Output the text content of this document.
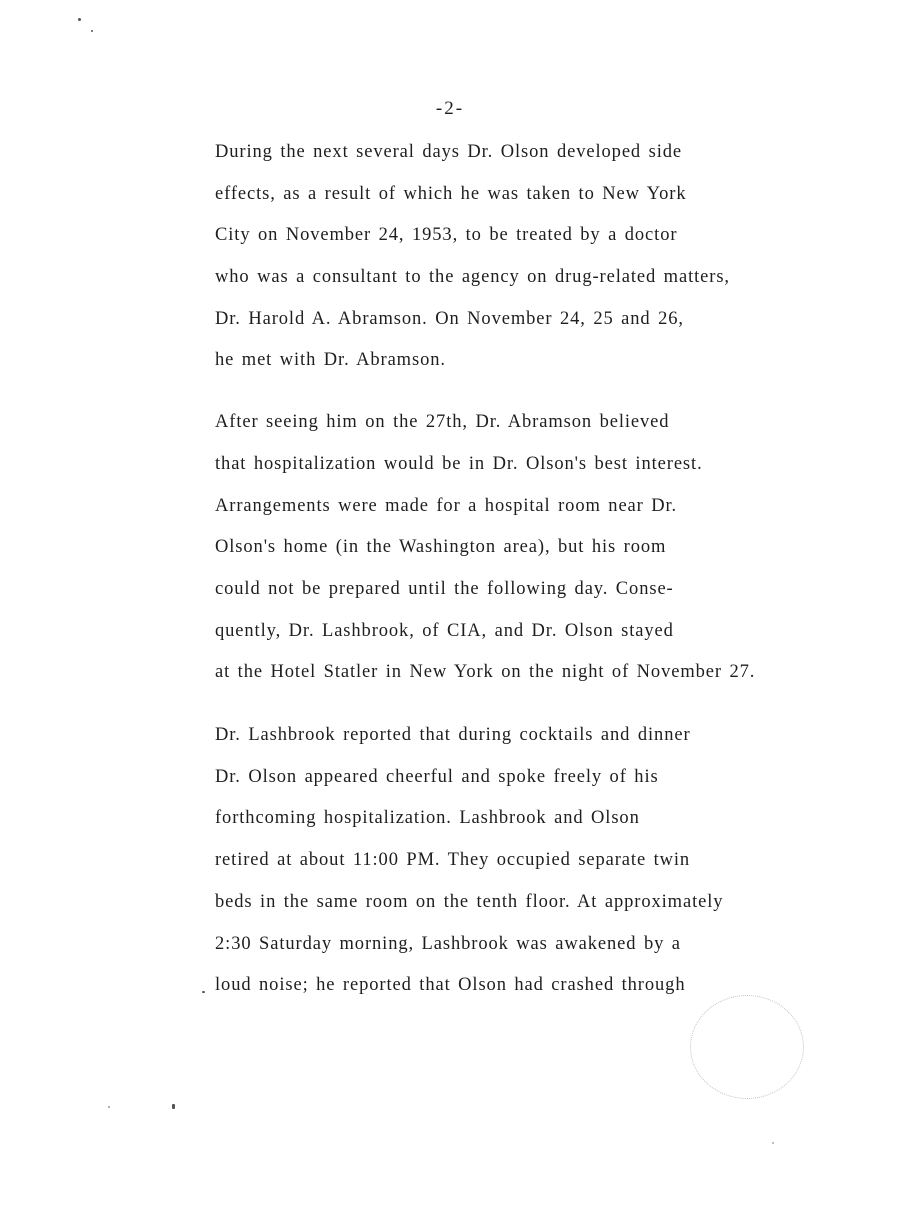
-2-
During the next several days Dr. Olson developed side
effects, as a result of which he was taken to New York
City on November 24, 1953, to be treated by a doctor
who was a consultant to the agency on drug-related matters,
Dr. Harold A. Abramson. On November 24, 25 and 26,
he met with Dr. Abramson.
After seeing him on the 27th, Dr. Abramson believed
that hospitalization would be in Dr. Olson's best interest.
Arrangements were made for a hospital room near Dr.
Olson's home (in the Washington area), but his room
could not be prepared until the following day. Conse-
quently, Dr. Lashbrook, of CIA, and Dr. Olson stayed
at the Hotel Statler in New York on the night of November 27.
Dr. Lashbrook reported that during cocktails and dinner
Dr. Olson appeared cheerful and spoke freely of his
forthcoming hospitalization. Lashbrook and Olson
retired at about 11:00 PM. They occupied separate twin
beds in the same room on the tenth floor. At approximately
2:30 Saturday morning, Lashbrook was awakened by a
loud noise; he reported that Olson had crashed through
